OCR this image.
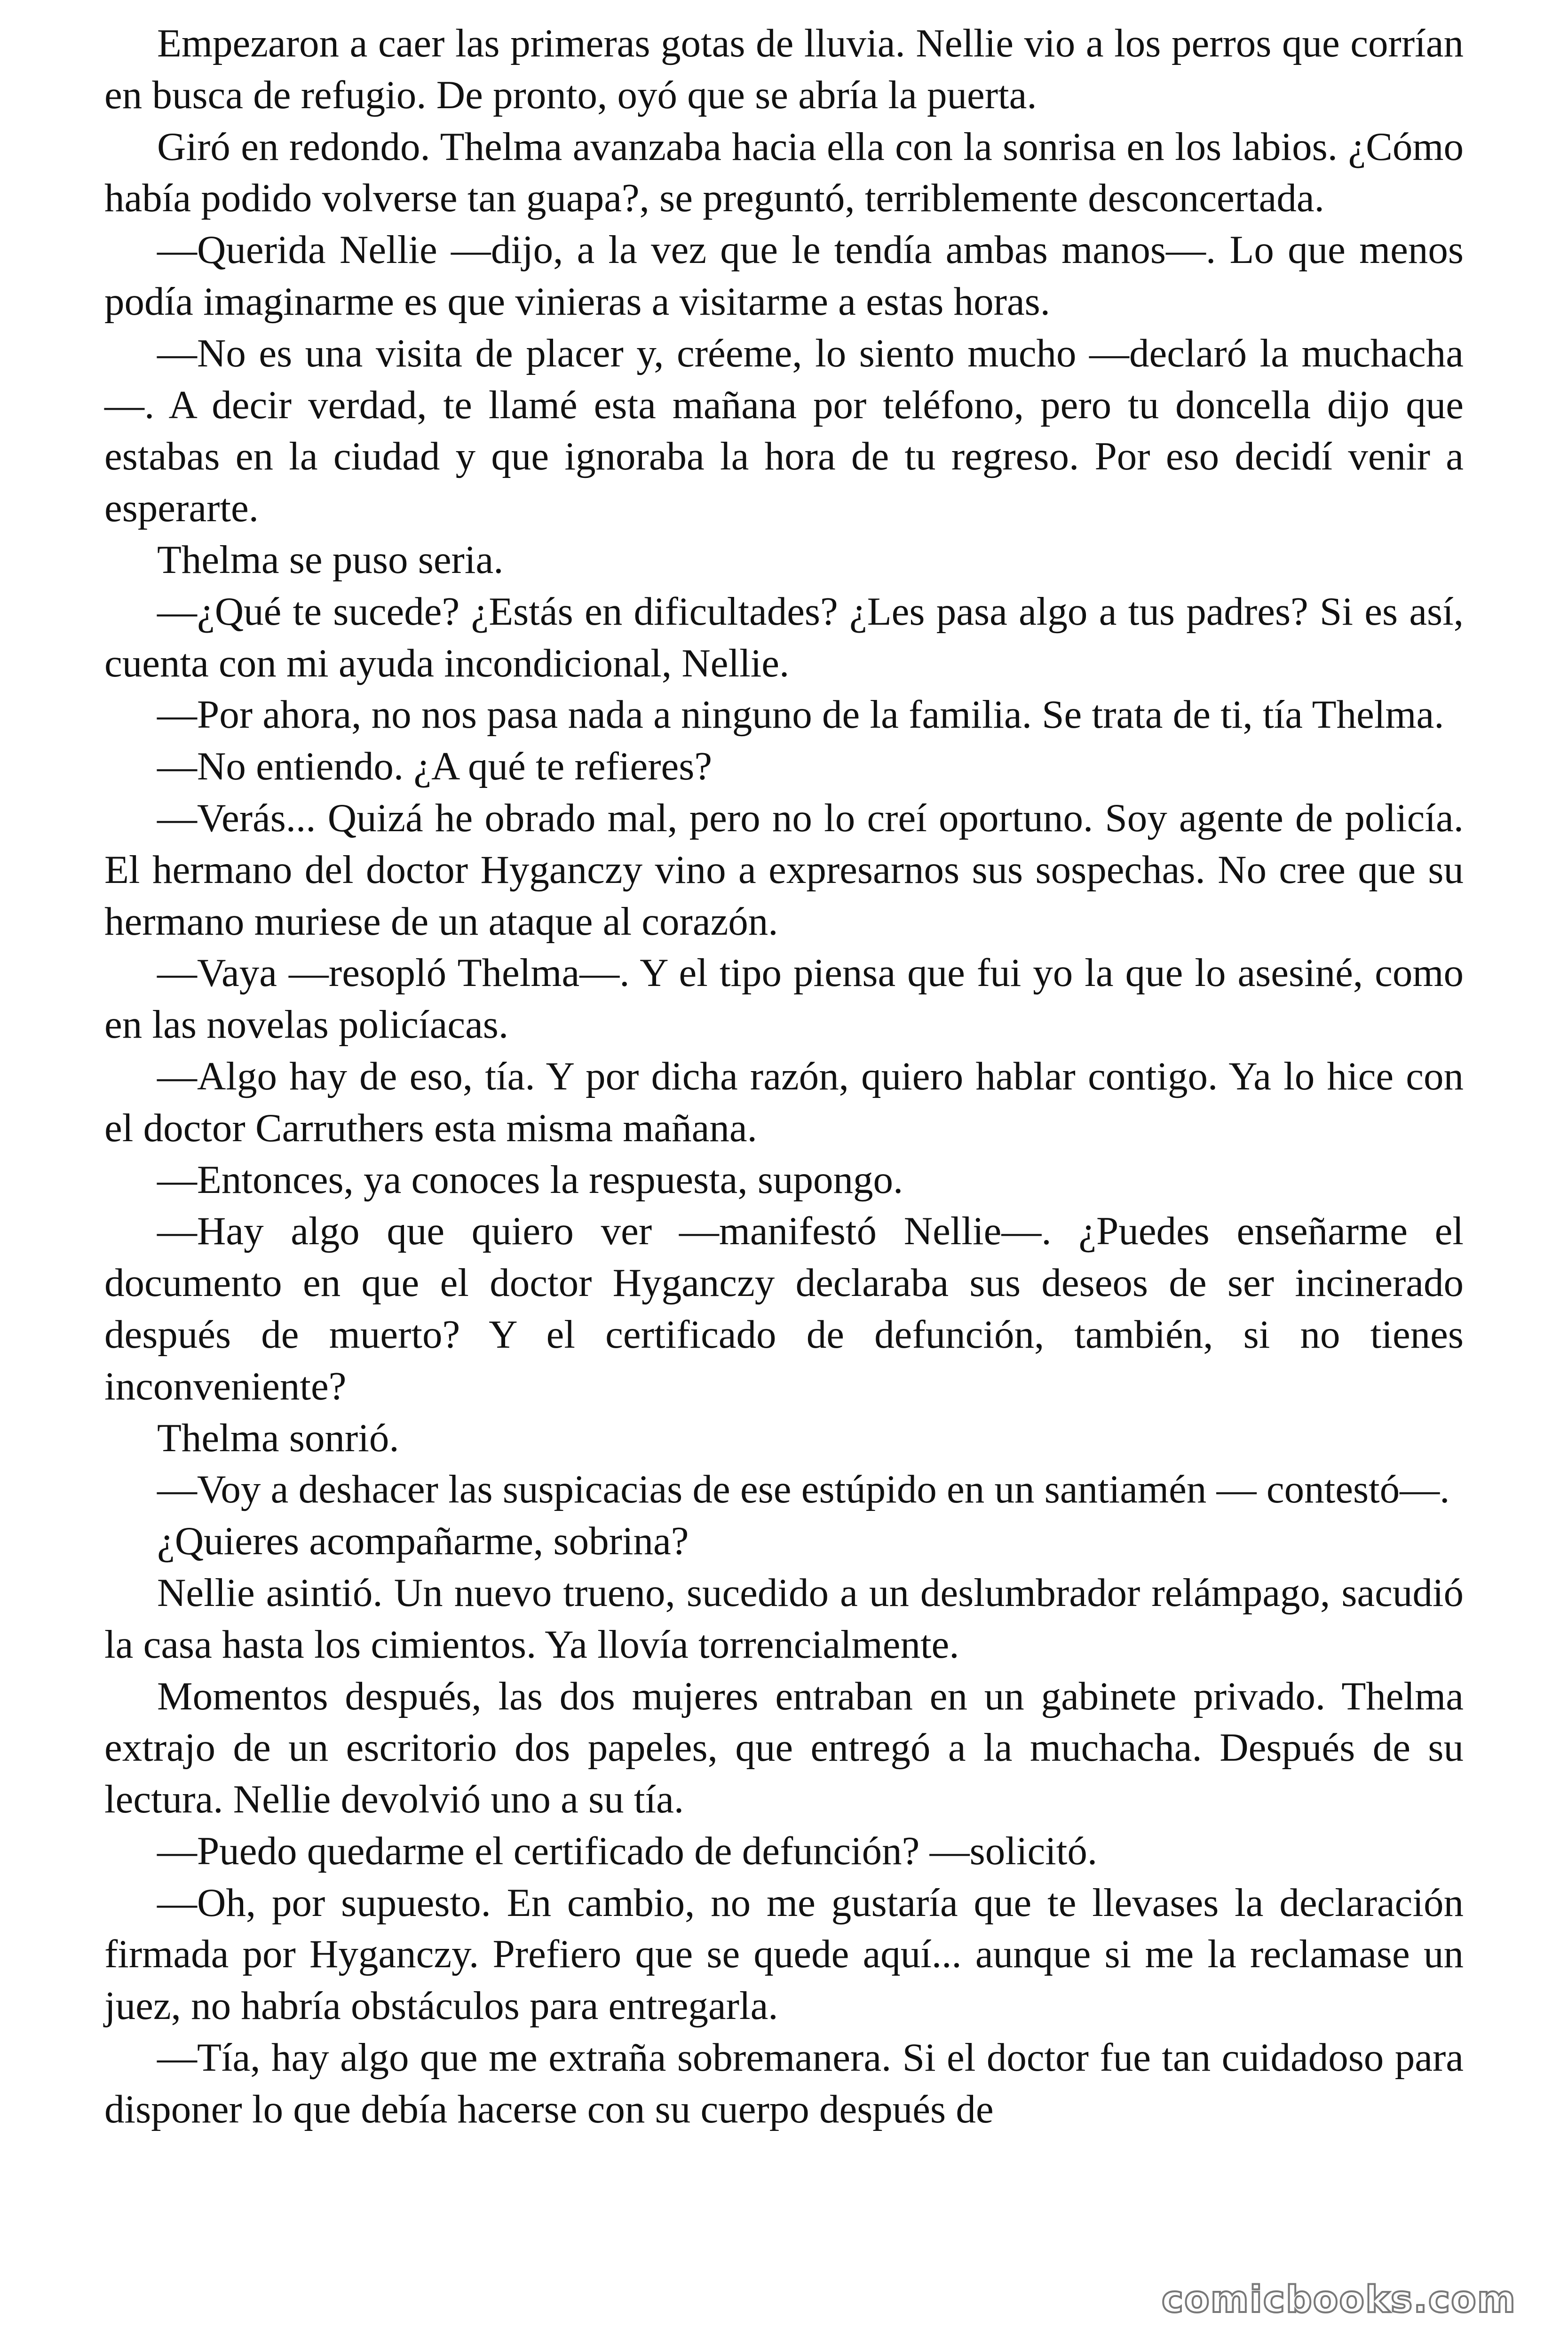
Empezaron a caer las primeras gotas de lluvia. Nellie vio a los perros que corrían en busca de refugio. De pronto, oyó que se abría la puerta.

Giró en redondo. Thelma avanzaba hacia ella con la sonrisa en los labios. ¿Cómo había podido volverse tan guapa?, se preguntó, terriblemente desconcertada.

—Querida Nellie —dijo, a la vez que le tendía ambas manos—. Lo que menos podía imaginarme es que vinieras a visitarme a estas horas.

—No es una visita de placer y, créeme, lo siento mucho —declaró la muchacha—. A decir verdad, te llamé esta mañana por teléfono, pero tu doncella dijo que estabas en la ciudad y que ignoraba la hora de tu regreso. Por eso decidí venir a esperarte.

Thelma se puso seria.

—¿Qué te sucede? ¿Estás en dificultades? ¿Les pasa algo a tus padres? Si es así, cuenta con mi ayuda incondicional, Nellie.

—Por ahora, no nos pasa nada a ninguno de la familia. Se trata de ti, tía Thelma.

—No entiendo. ¿A qué te refieres?

—Verás... Quizá he obrado mal, pero no lo creí oportuno. Soy agente de policía. El hermano del doctor Hyganczy vino a expresarnos sus sospechas. No cree que su hermano muriese de un ataque al corazón.

—Vaya —resopló Thelma—. Y el tipo piensa que fui yo la que lo asesiné, como en las novelas policíacas.

—Algo hay de eso, tía. Y por dicha razón, quiero hablar contigo. Ya lo hice con el doctor Carruthers esta misma mañana.

—Entonces, ya conoces la respuesta, supongo.

—Hay algo que quiero ver —manifestó Nellie—. ¿Puedes enseñarme el documento en que el doctor Hyganczy declaraba sus deseos de ser incinerado después de muerto? Y el certificado de defunción, también, si no tienes inconveniente?

Thelma sonrió.

—Voy a deshacer las suspicacias de ese estúpido en un santiamén — contestó—.

¿Quieres acompañarme, sobrina?

Nellie asintió. Un nuevo trueno, sucedido a un deslumbrador relámpago, sacudió la casa hasta los cimientos. Ya llovía torrencialmente.

Momentos después, las dos mujeres entraban en un gabinete privado. Thelma extrajo de un escritorio dos papeles, que entregó a la muchacha. Después de su lectura. Nellie devolvió uno a su tía.

—Puedo quedarme el certificado de defunción? —solicitó.

—Oh, por supuesto. En cambio, no me gustaría que te llevases la declaración firmada por Hyganczy. Prefiero que se quede aquí... aunque si me la reclamase un juez, no habría obstáculos para entregarla.

—Tía, hay algo que me extraña sobremanera. Si el doctor fue tan cuidadoso para disponer lo que debía hacerse con su cuerpo después de

comicbooks.com
